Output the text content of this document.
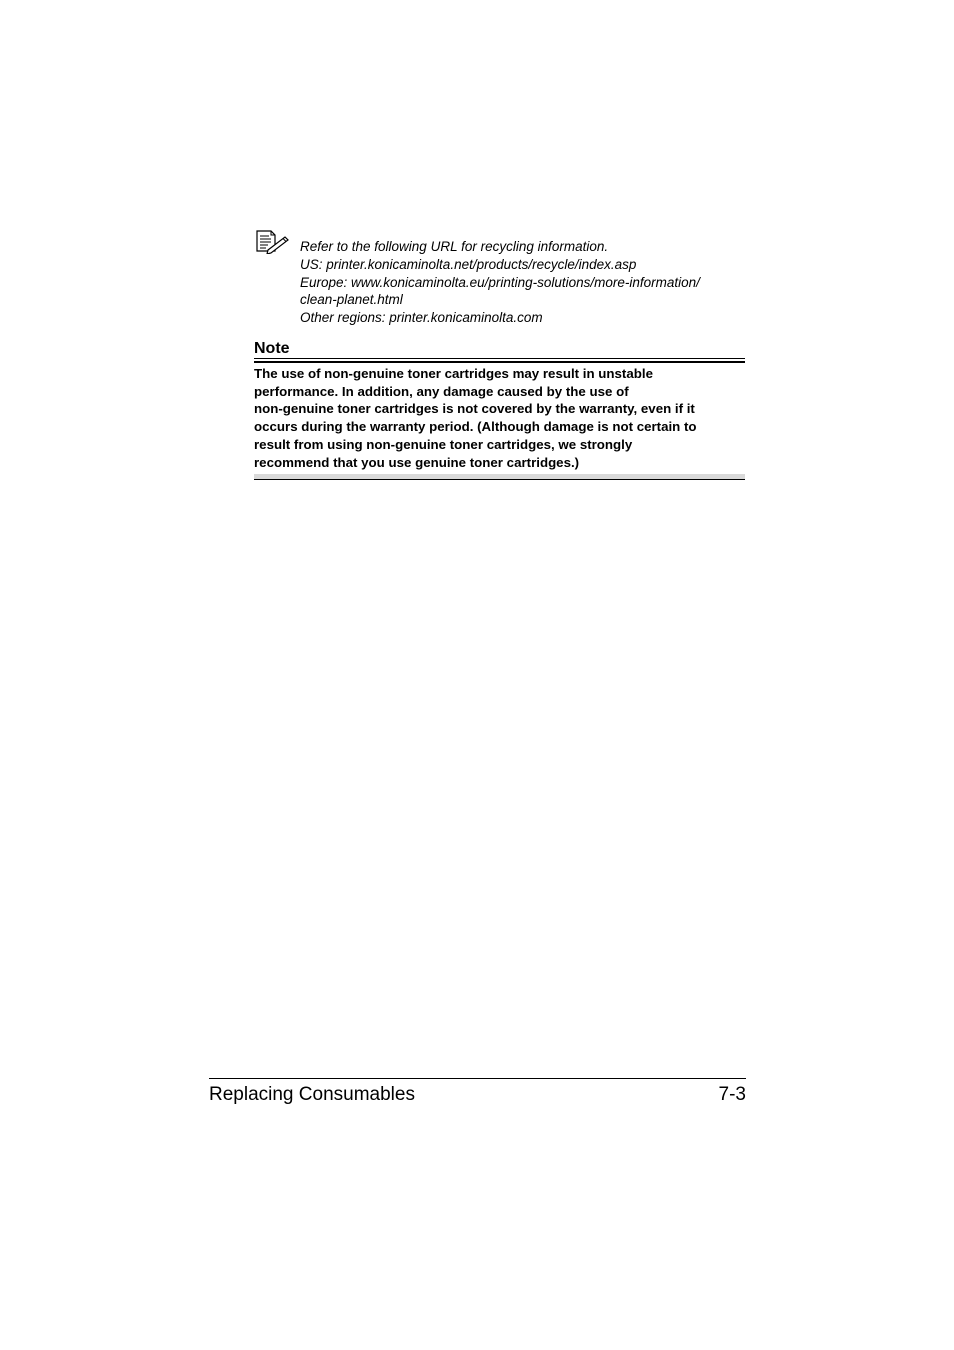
Refer to the following URL for recycling information.
US: printer.konicaminolta.net/products/recycle/index.asp
Europe: www.konicaminolta.eu/printing-solutions/more-information/
clean-planet.html
Other regions: printer.konicaminolta.com
Note
The use of non-genuine toner cartridges may result in unstable
performance. In addition, any damage caused by the use of
non-genuine toner cartridges is not covered by the warranty, even if it
occurs during the warranty period. (Although damage is not certain to
result from using non-genuine toner cartridges, we strongly
recommend that you use genuine toner cartridges.)
Replacing Consumables	7-3
